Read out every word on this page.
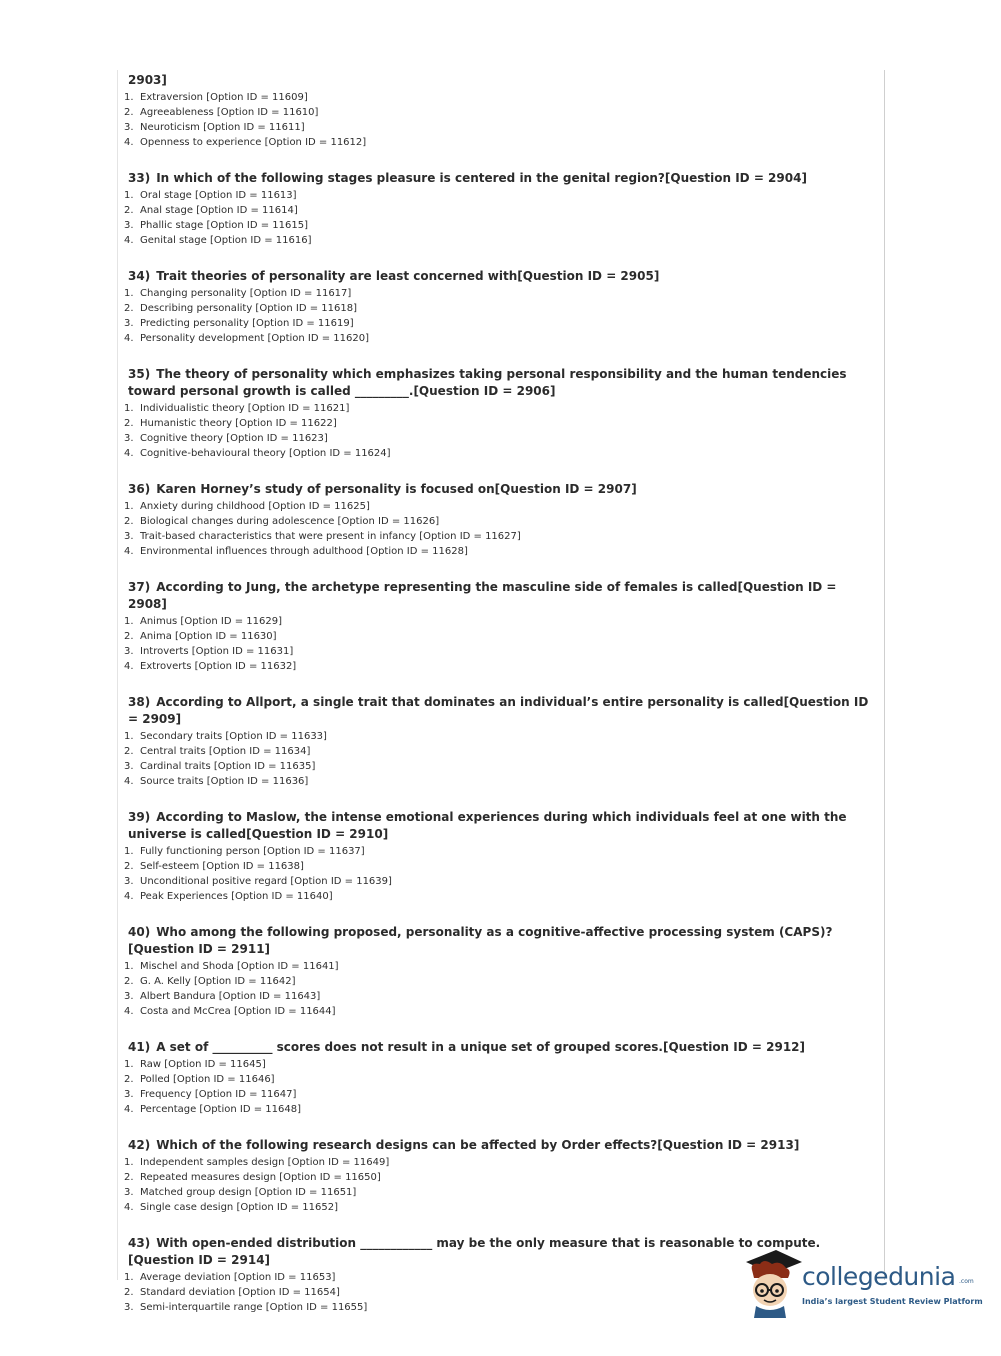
2903]

1. Extraversion [Option ID = 11609]
2. Agreeableness [Option ID = 11610]
3. Neuroticism [Option ID = 11611]
4. Openness to experience [Option ID = 11612]

33) In which of the following stages pleasure is centered in the genital region?[Question ID = 2904]

1. Oral stage [Option ID = 11613]
2. Anal stage [Option ID = 11614]
3. Phallic stage [Option ID = 11615]
4. Genital stage [Option ID = 11616]

34) Trait theories of personality are least concerned with[Question ID = 2905]

1. Changing personality [Option ID = 11617]
2. Describing personality [Option ID = 11618]
3. Predicting personality [Option ID = 11619]
4. Personality development [Option ID = 11620]

35) The theory of personality which emphasizes taking personal responsibility and the human tendencies toward personal growth is called _________.[Question ID = 2906]

1. Individualistic theory [Option ID = 11621]
2. Humanistic theory [Option ID = 11622]
3. Cognitive theory [Option ID = 11623]
4. Cognitive-behavioural theory [Option ID = 11624]

36) Karen Horney’s study of personality is focused on[Question ID = 2907]

1. Anxiety during childhood [Option ID = 11625]
2. Biological changes during adolescence [Option ID = 11626]
3. Trait-based characteristics that were present in infancy [Option ID = 11627]
4. Environmental influences through adulthood [Option ID = 11628]

37) According to Jung, the archetype representing the masculine side of females is called[Question ID = 2908]

1. Animus [Option ID = 11629]
2. Anima [Option ID = 11630]
3. Introverts [Option ID = 11631]
4. Extroverts [Option ID = 11632]

38) According to Allport, a single trait that dominates an individual’s entire personality is called[Question ID = 2909]

1. Secondary traits [Option ID = 11633]
2. Central traits [Option ID = 11634]
3. Cardinal traits [Option ID = 11635]
4. Source traits [Option ID = 11636]

39) According to Maslow, the intense emotional experiences during which individuals feel at one with the universe is called[Question ID = 2910]

1. Fully functioning person [Option ID = 11637]
2. Self-esteem [Option ID = 11638]
3. Unconditional positive regard [Option ID = 11639]
4. Peak Experiences [Option ID = 11640]

40) Who among the following proposed, personality as a cognitive-affective processing system (CAPS)?[Question ID = 2911]

1. Mischel and Shoda [Option ID = 11641]
2. G. A. Kelly [Option ID = 11642]
3. Albert Bandura [Option ID = 11643]
4. Costa and McCrea [Option ID = 11644]

41) A set of __________ scores does not result in a unique set of grouped scores.[Question ID = 2912]

1. Raw [Option ID = 11645]
2. Polled [Option ID = 11646]
3. Frequency [Option ID = 11647]
4. Percentage [Option ID = 11648]

42) Which of the following research designs can be affected by Order effects?[Question ID = 2913]

1. Independent samples design [Option ID = 11649]
2. Repeated measures design [Option ID = 11650]
3. Matched group design [Option ID = 11651]
4. Single case design [Option ID = 11652]

43) With open-ended distribution ____________ may be the only measure that is reasonable to compute.[Question ID = 2914]

1. Average deviation [Option ID = 11653]
2. Standard deviation [Option ID = 11654]
3. Semi-interquartile range [Option ID = 11655]
collegedunia .com
India’s largest Student Review Platform
